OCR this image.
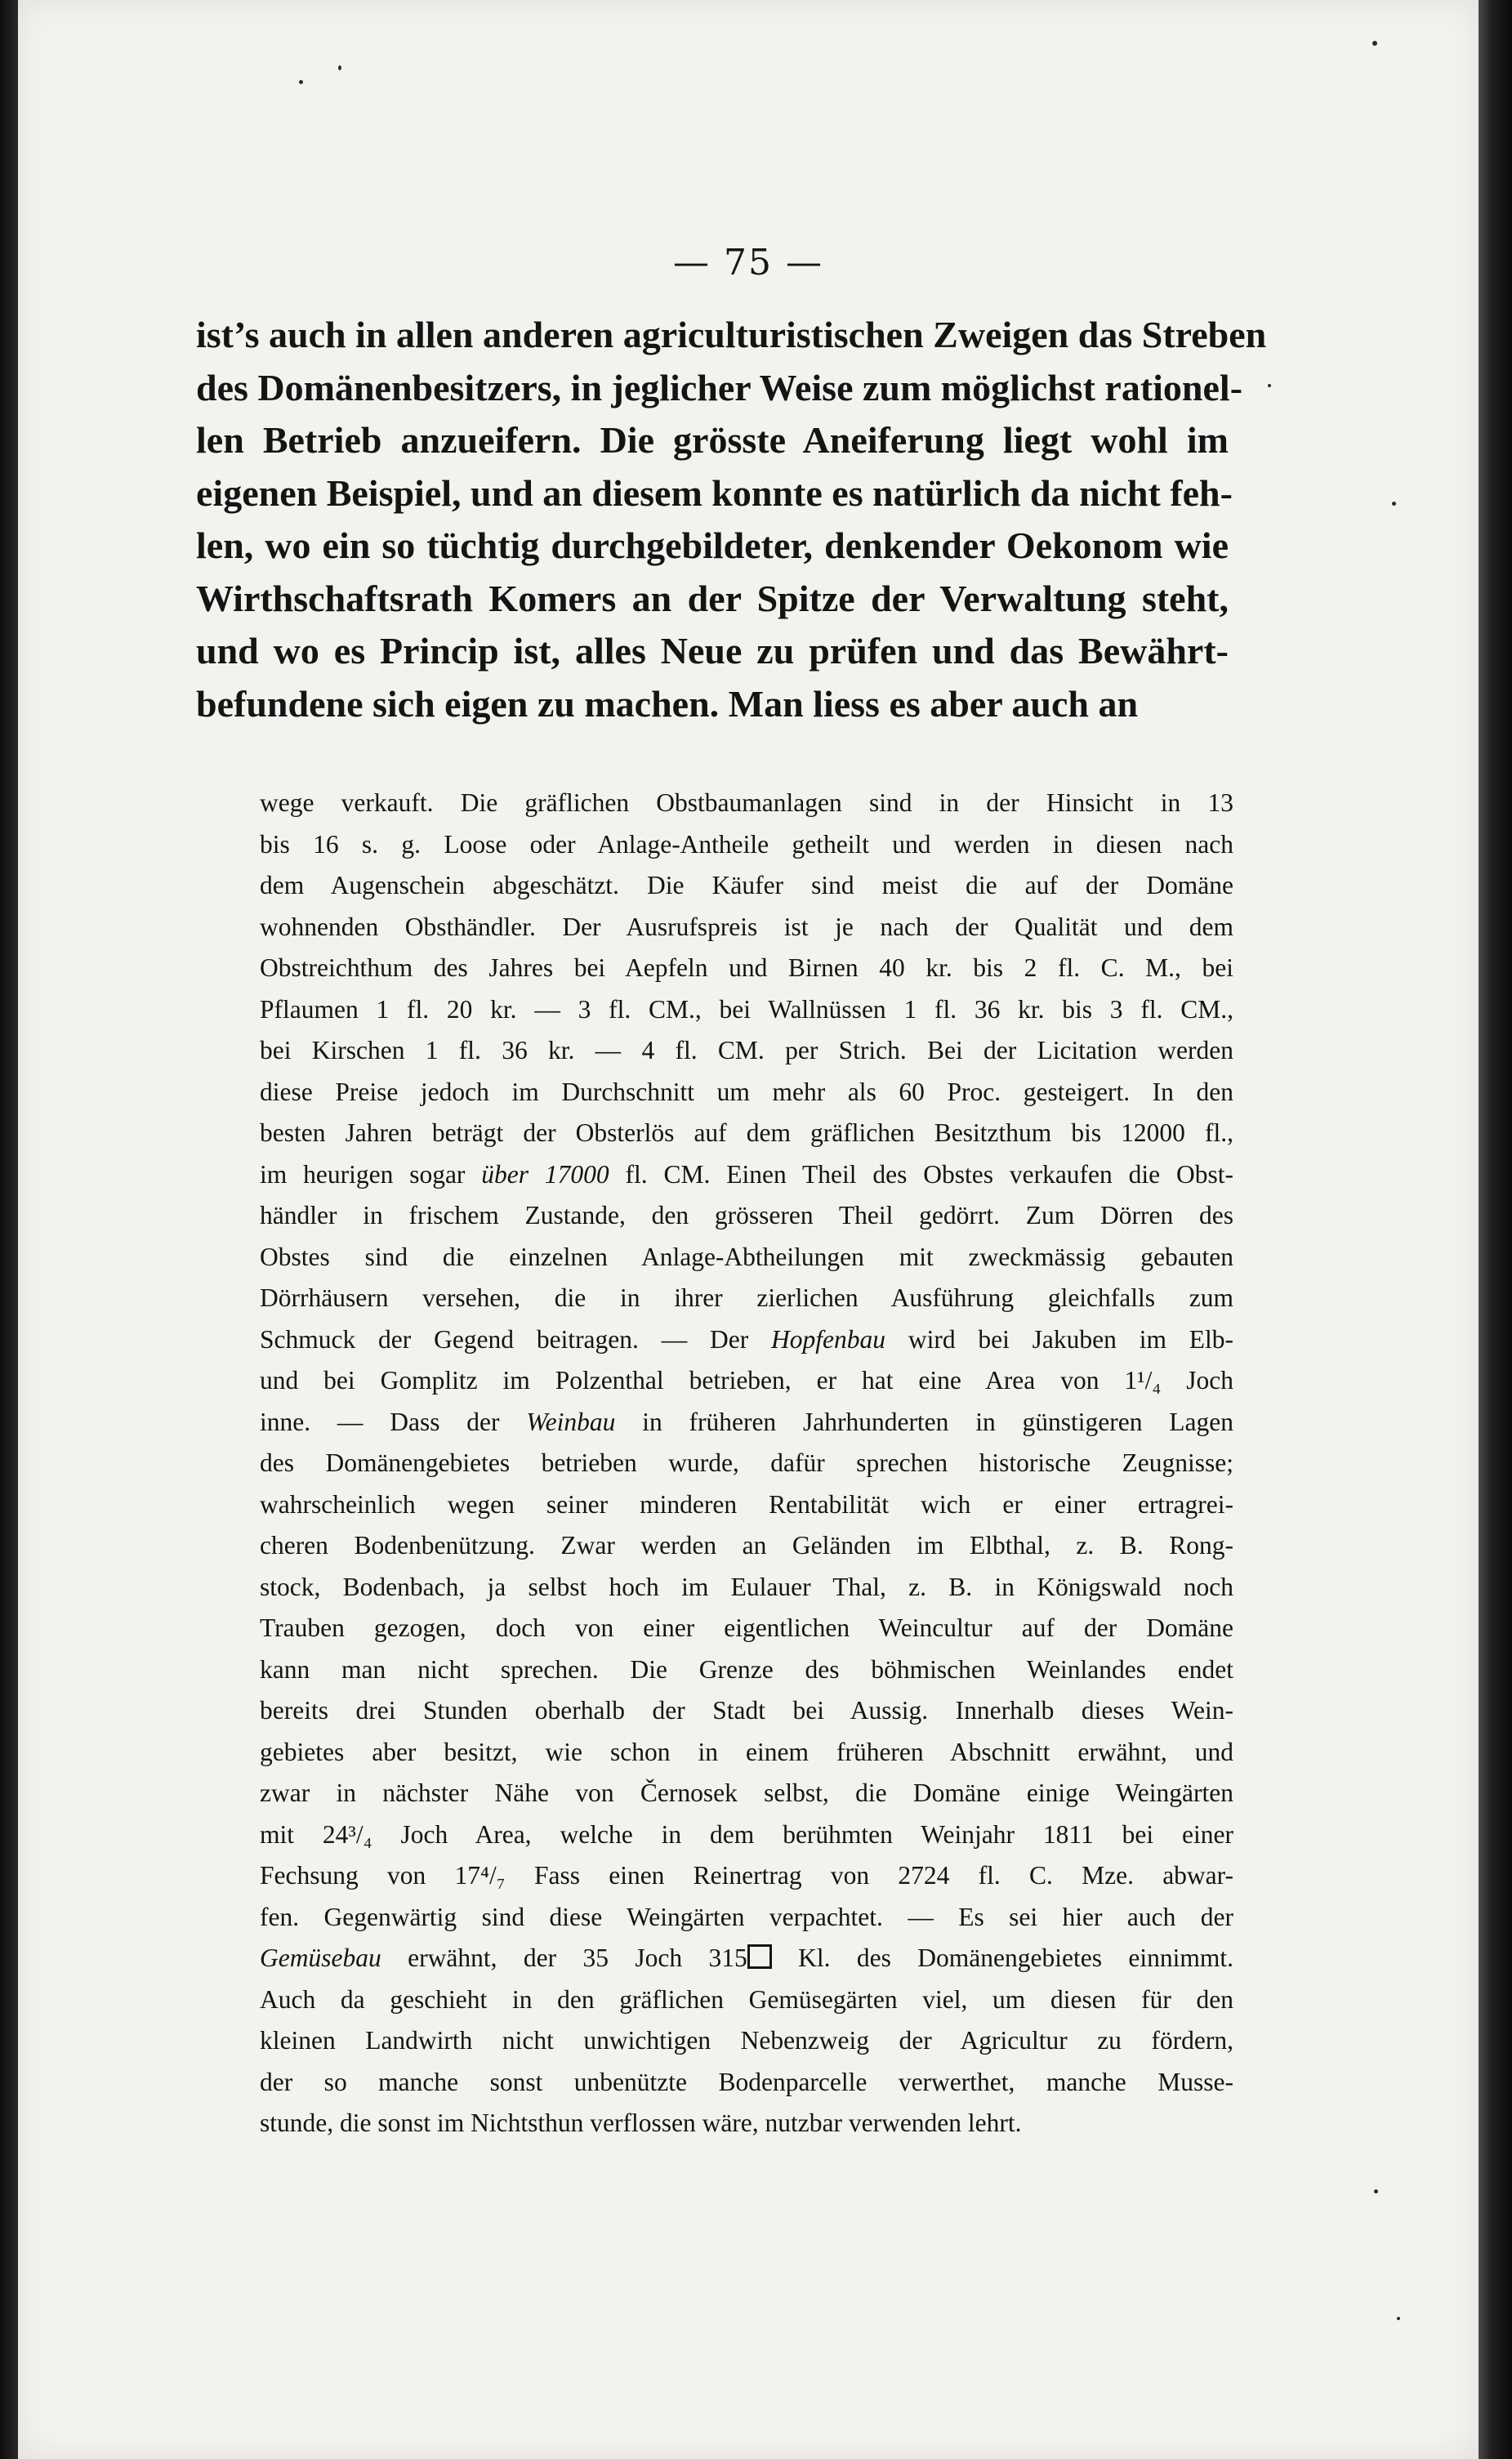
— 75 —

ist’s auch in allen anderen agriculturistischen Zweigen das Streben
des Domänenbesitzers, in jeglicher Weise zum möglichst rationel-
len Betrieb anzueifern. Die grösste Aneiferung liegt wohl im
eigenen Beispiel, und an diesem konnte es natürlich da nicht feh-
len, wo ein so tüchtig durchgebildeter, denkender Oekonom wie
Wirthschaftsrath Komers an der Spitze der Verwaltung steht,
und wo es Princip ist, alles Neue zu prüfen und das Bewährt-
befundene sich eigen zu machen. Man liess es aber auch an

wege verkauft. Die gräflichen Obstbaumanlagen sind in der Hinsicht in 13
bis 16 s. g. Loose oder Anlage-Antheile getheilt und werden in diesen nach
dem Augenschein abgeschätzt. Die Käufer sind meist die auf der Domäne
wohnenden Obsthändler. Der Ausrufspreis ist je nach der Qualität und dem
Obstreichthum des Jahres bei Aepfeln und Birnen 40 kr. bis 2 fl. C. M., bei
Pflaumen 1 fl. 20 kr. — 3 fl. CM., bei Wallnüssen 1 fl. 36 kr. bis 3 fl. CM.,
bei Kirschen 1 fl. 36 kr. — 4 fl. CM. per Strich. Bei der Licitation werden
diese Preise jedoch im Durchschnitt um mehr als 60 Proc. gesteigert. In den
besten Jahren beträgt der Obsterlös auf dem gräflichen Besitzthum bis 12000 fl.,
im heurigen sogar über 17000 fl. CM. Einen Theil des Obstes verkaufen die Obst-
händler in frischem Zustande, den grösseren Theil gedörrt. Zum Dörren des
Obstes sind die einzelnen Anlage-Abtheilungen mit zweckmässig gebauten
Dörrhäusern versehen, die in ihrer zierlichen Ausführung gleichfalls zum
Schmuck der Gegend beitragen. — Der Hopfenbau wird bei Jakuben im Elb-
und bei Gomplitz im Polzenthal betrieben, er hat eine Area von 1¹/₄ Joch
inne. — Dass der Weinbau in früheren Jahrhunderten in günstigeren Lagen
des Domänengebietes betrieben wurde, dafür sprechen historische Zeugnisse;
wahrscheinlich wegen seiner minderen Rentabilität wich er einer ertragrei-
cheren Bodenbenützung. Zwar werden an Geländen im Elbthal, z. B. Rong-
stock, Bodenbach, ja selbst hoch im Eulauer Thal, z. B. in Königswald noch
Trauben gezogen, doch von einer eigentlichen Weincultur auf der Domäne
kann man nicht sprechen. Die Grenze des böhmischen Weinlandes endet
bereits drei Stunden oberhalb der Stadt bei Aussig. Innerhalb dieses Wein-
gebietes aber besitzt, wie schon in einem früheren Abschnitt erwähnt, und
zwar in nächster Nähe von Černosek selbst, die Domäne einige Weingärten
mit 24³/₄ Joch Area, welche in dem berühmten Weinjahr 1811 bei einer
Fechsung von 17⁴/₇ Fass einen Reinertrag von 2724 fl. C. Mze. abwar-
fen. Gegenwärtig sind diese Weingärten verpachtet. — Es sei hier auch der
Gemüsebau erwähnt, der 35 Joch 315 Kl. des Domänengebietes einnimmt.
Auch da geschieht in den gräflichen Gemüsegärten viel, um diesen für den
kleinen Landwirth nicht unwichtigen Nebenzweig der Agricultur zu fördern,
der so manche sonst unbenützte Bodenparcelle verwerthet, manche Musse-
stunde, die sonst im Nichtsthun verflossen wäre, nutzbar verwenden lehrt.
